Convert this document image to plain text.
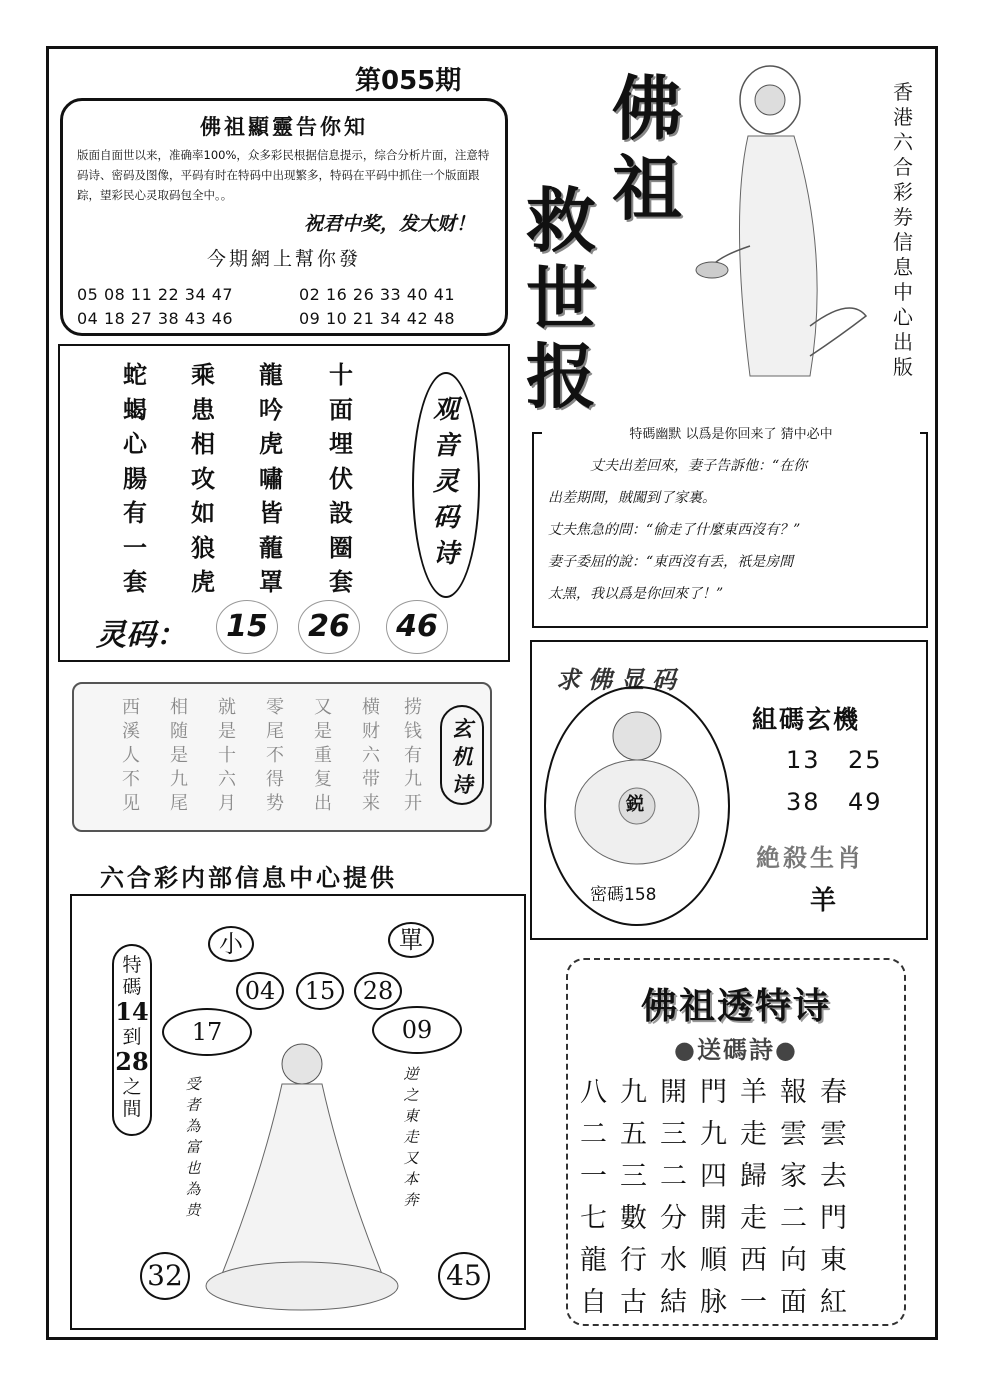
第055期 佛
祖
救
世
报
香港六合彩券信息中心出版
佛祖顯靈告你知

版面自面世以来，准确率100%，众多彩民根据信息提示，综合分析片面，注意特码诗、密码及图像，平码有时在特码中出现繁多，特码在平码中抓住一个版面跟踪，望彩民心灵取码包全中。。

祝君中奖，发大财！
今期網上幫你發
05 08 11 22 34 47	02 16 26 33 40 41
04 18 27 38 43 46	09 10 21 34 42 48
蛇蝎心腸有一套
乘患相攻如狼虎
龍吟虎嘯皆蘢罩
十面埋伏設圈套
观音灵码诗
灵码：	15	26	46
西溪人不见
相随是九尾
就是十六月
零尾不得势
又是重复出
横财六带来
捞钱有九开
玄机诗
六合彩内部信息中心提供
小	單
04	15	28
17	09
32	45
特碼
14
到
28
之間
受者為富也為贵
逆之東走又本奔
特碼幽默 以爲是你回来了 猜中必中

丈夫出差回來，妻子告訴他：“在你

出差期間，賊闖到了家裏。

丈夫焦急的問：“偷走了什麼東西沒有？”

妻子委屈的說：“東西沒有丢，祇是房間

太黑，我以爲是你回來了！”

求佛显码
鋭
密碼158
組碼玄機
13 25
38 49
絶殺生肖
羊
佛祖透特诗
●送碼詩●
八九開門羊報春
二五三九走雲雲
一三二四歸家去
七數分開走二門
龍行水順西向東
自古結脉一面紅
